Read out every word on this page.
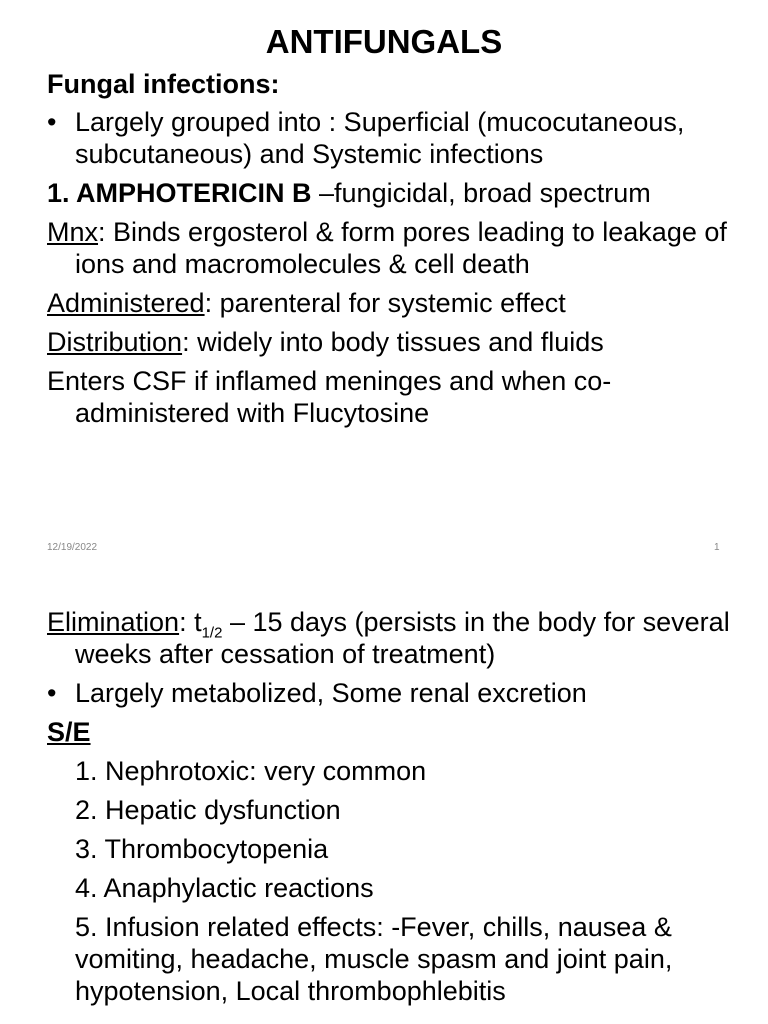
ANTIFUNGALS
Fungal infections:
• Largely grouped into : Superficial (mucocutaneous, subcutaneous) and Systemic infections
1. AMPHOTERICIN B –fungicidal, broad spectrum
Mnx: Binds ergosterol & form pores leading to leakage of ions and macromolecules & cell death
Administered: parenteral for systemic effect
Distribution: widely into body tissues and fluids
Enters CSF if inflamed meninges and when co-administered with Flucytosine
12/19/2022	1
Elimination: $t_{1/2} - 15$ days (persists in the body for several weeks after cessation of treatment)
• Largely metabolized, Some renal excretion
S/E
1. Nephrotoxic: very common
2. Hepatic dysfunction
3. Thrombocytopenia
4. Anaphylactic reactions
5. Infusion related effects: -Fever, chills, nausea & vomiting, headache, muscle spasm and joint pain, hypotension, Local thrombophlebitis
